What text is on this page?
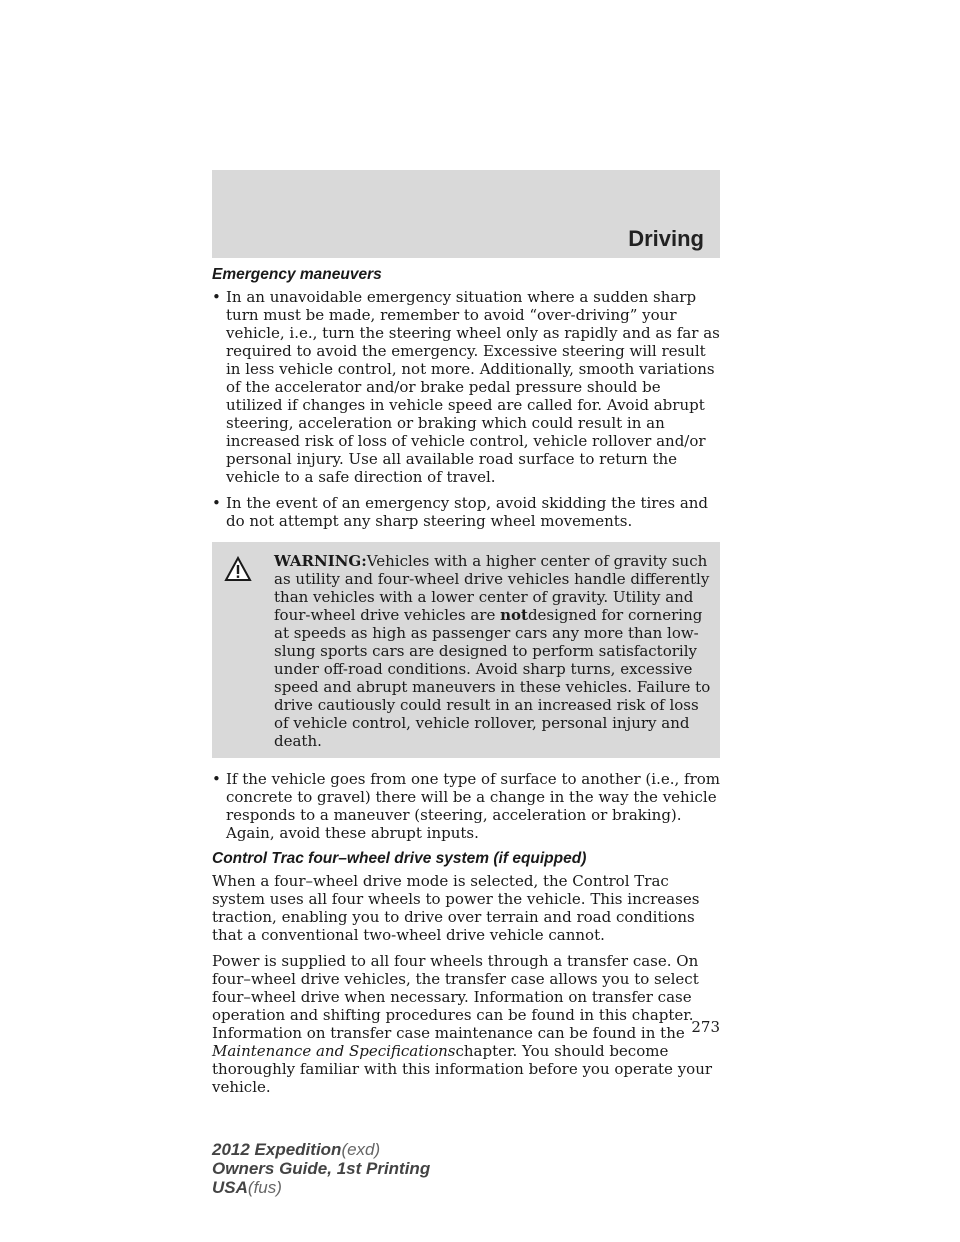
Driving
Emergency maneuvers
• In an unavoidable emergency situation where a sudden sharp turn must be made, remember to avoid “over-driving” your vehicle, i.e., turn the steering wheel only as rapidly and as far as required to avoid the emergency. Excessive steering will result in less vehicle control, not more. Additionally, smooth variations of the accelerator and/or brake pedal pressure should be utilized if changes in vehicle speed are called for. Avoid abrupt steering, acceleration or braking which could result in an increased risk of loss of vehicle control, vehicle rollover and/or personal injury. Use all available road surface to return the vehicle to a safe direction of travel.
• In the event of an emergency stop, avoid skidding the tires and do not attempt any sharp steering wheel movements.
WARNING:Vehicles with a higher center of gravity such as utility and four-wheel drive vehicles handle differently than vehicles with a lower center of gravity. Utility and four-wheel drive vehicles are notdesigned for cornering at speeds as high as passenger cars any more than low-slung sports cars are designed to perform satisfactorily under off-road conditions. Avoid sharp turns, excessive speed and abrupt maneuvers in these vehicles. Failure to drive cautiously could result in an increased risk of loss of vehicle control, vehicle rollover, personal injury and death.
• If the vehicle goes from one type of surface to another (i.e., from concrete to gravel) there will be a change in the way the vehicle responds to a maneuver (steering, acceleration or braking). Again, avoid these abrupt inputs.
Control Trac four–wheel drive system (if equipped)

When a four–wheel drive mode is selected, the Control Trac system uses all four wheels to power the vehicle. This increases traction, enabling you to drive over terrain and road conditions that a conventional two-wheel drive vehicle cannot.

Power is supplied to all four wheels through a transfer case. On four–wheel drive vehicles, the transfer case allows you to select four–wheel drive when necessary. Information on transfer case operation and shifting procedures can be found in this chapter. Information on transfer case maintenance can be found in the Maintenance and Specificationschapter. You should become thoroughly familiar with this information before you operate your vehicle.

273
2012 Expedition(exd)
Owners Guide, 1st Printing
USA(fus)
